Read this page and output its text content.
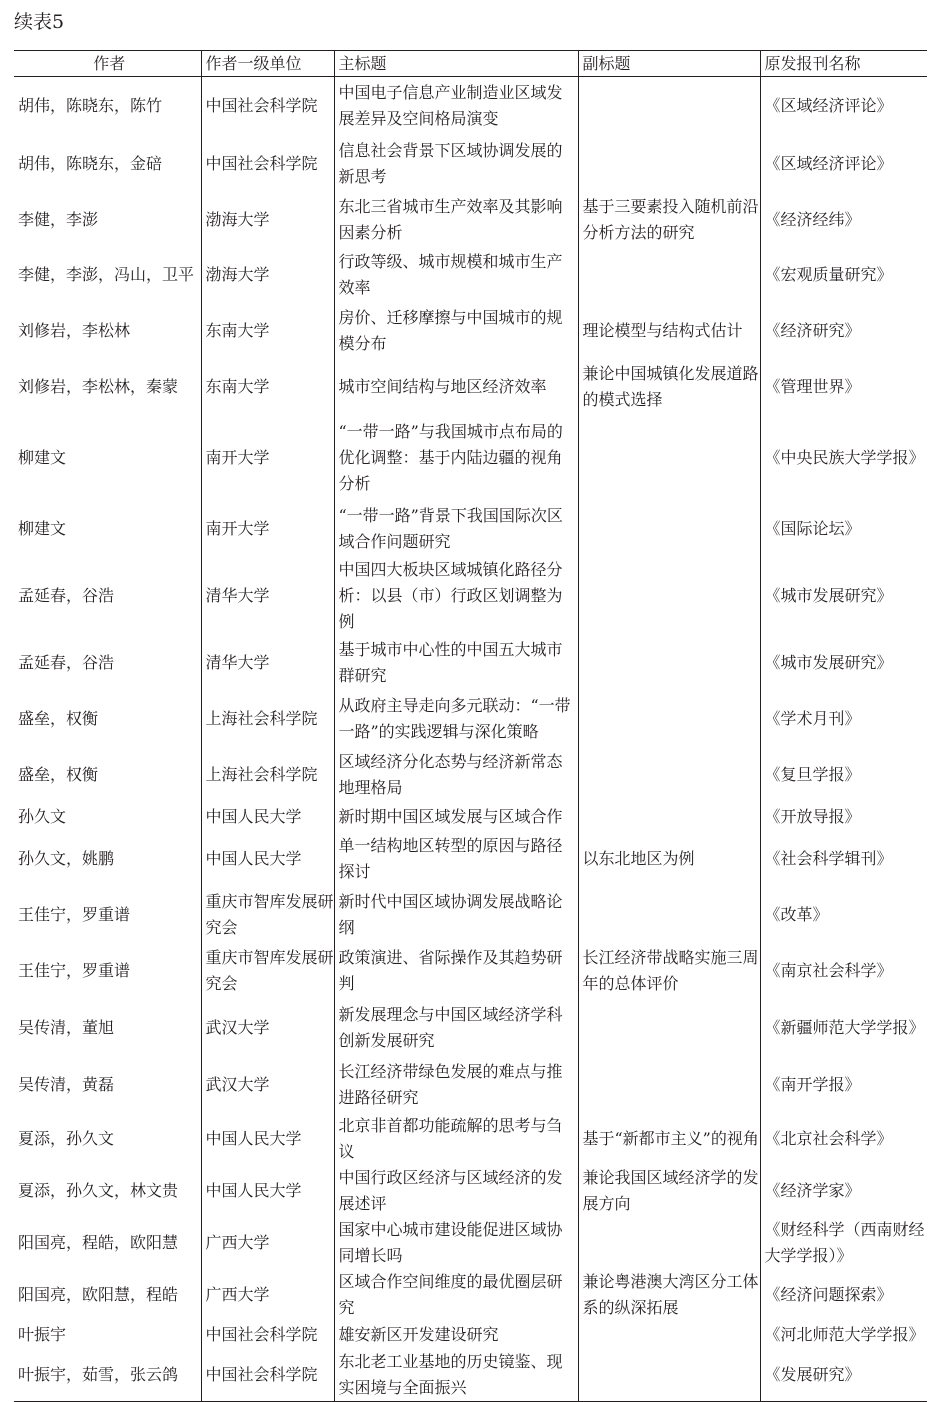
续表5
作者	作者一级单位	主标题	副标题	原发报刊名称
胡伟，陈晓东，陈竹	中国社会科学院	中国电子信息产业制造业区域发展差异及空间格局演变		《区域经济评论》
胡伟，陈晓东，金碚	中国社会科学院	信息社会背景下区域协调发展的新思考		《区域经济评论》
李健，李澎	渤海大学	东北三省城市生产效率及其影响因素分析	基于三要素投入随机前沿分析方法的研究	《经济经纬》
李健，李澎，冯山，卫平	渤海大学	行政等级、城市规模和城市生产效率		《宏观质量研究》
刘修岩，李松林	东南大学	房价、迁移摩擦与中国城市的规模分布	理论模型与结构式估计	《经济研究》
刘修岩，李松林，秦蒙	东南大学	城市空间结构与地区经济效率	兼论中国城镇化发展道路的模式选择	《管理世界》
柳建文	南开大学	“一带一路”与我国城市点布局的优化调整：基于内陆边疆的视角分析		《中央民族大学学报》
柳建文	南开大学	“一带一路”背景下我国国际次区域合作问题研究		《国际论坛》
孟延春，谷浩	清华大学	中国四大板块区域城镇化路径分析：以县（市）行政区划调整为例		《城市发展研究》
孟延春，谷浩	清华大学	基于城市中心性的中国五大城市群研究		《城市发展研究》
盛垒，权衡	上海社会科学院	从政府主导走向多元联动：“一带一路”的实践逻辑与深化策略		《学术月刊》
盛垒，权衡	上海社会科学院	区域经济分化态势与经济新常态地理格局		《复旦学报》
孙久文	中国人民大学	新时期中国区域发展与区域合作		《开放导报》
孙久文，姚鹏	中国人民大学	单一结构地区转型的原因与路径探讨	以东北地区为例	《社会科学辑刊》
王佳宁，罗重谱	重庆市智库发展研究会	新时代中国区域协调发展战略论纲		《改革》
王佳宁，罗重谱	重庆市智库发展研究会	政策演进、省际操作及其趋势研判	长江经济带战略实施三周年的总体评价	《南京社会科学》
吴传清，董旭	武汉大学	新发展理念与中国区域经济学科创新发展研究		《新疆师范大学学报》
吴传清，黄磊	武汉大学	长江经济带绿色发展的难点与推进路径研究		《南开学报》
夏添，孙久文	中国人民大学	北京非首都功能疏解的思考与刍议	基于“新都市主义”的视角	《北京社会科学》
夏添，孙久文，林文贵	中国人民大学	中国行政区经济与区域经济的发展述评	兼论我国区域经济学的发展方向	《经济学家》
阳国亮，程皓，欧阳慧	广西大学	国家中心城市建设能促进区域协同增长吗		《财经科学（西南财经大学学报）》
阳国亮，欧阳慧，程皓	广西大学	区域合作空间维度的最优圈层研究	兼论粤港澳大湾区分工体系的纵深拓展	《经济问题探索》
叶振宇	中国社会科学院	雄安新区开发建设研究		《河北师范大学学报》
叶振宇，茹雪，张云鸽	中国社会科学院	东北老工业基地的历史镜鉴、现实困境与全面振兴		《发展研究》
